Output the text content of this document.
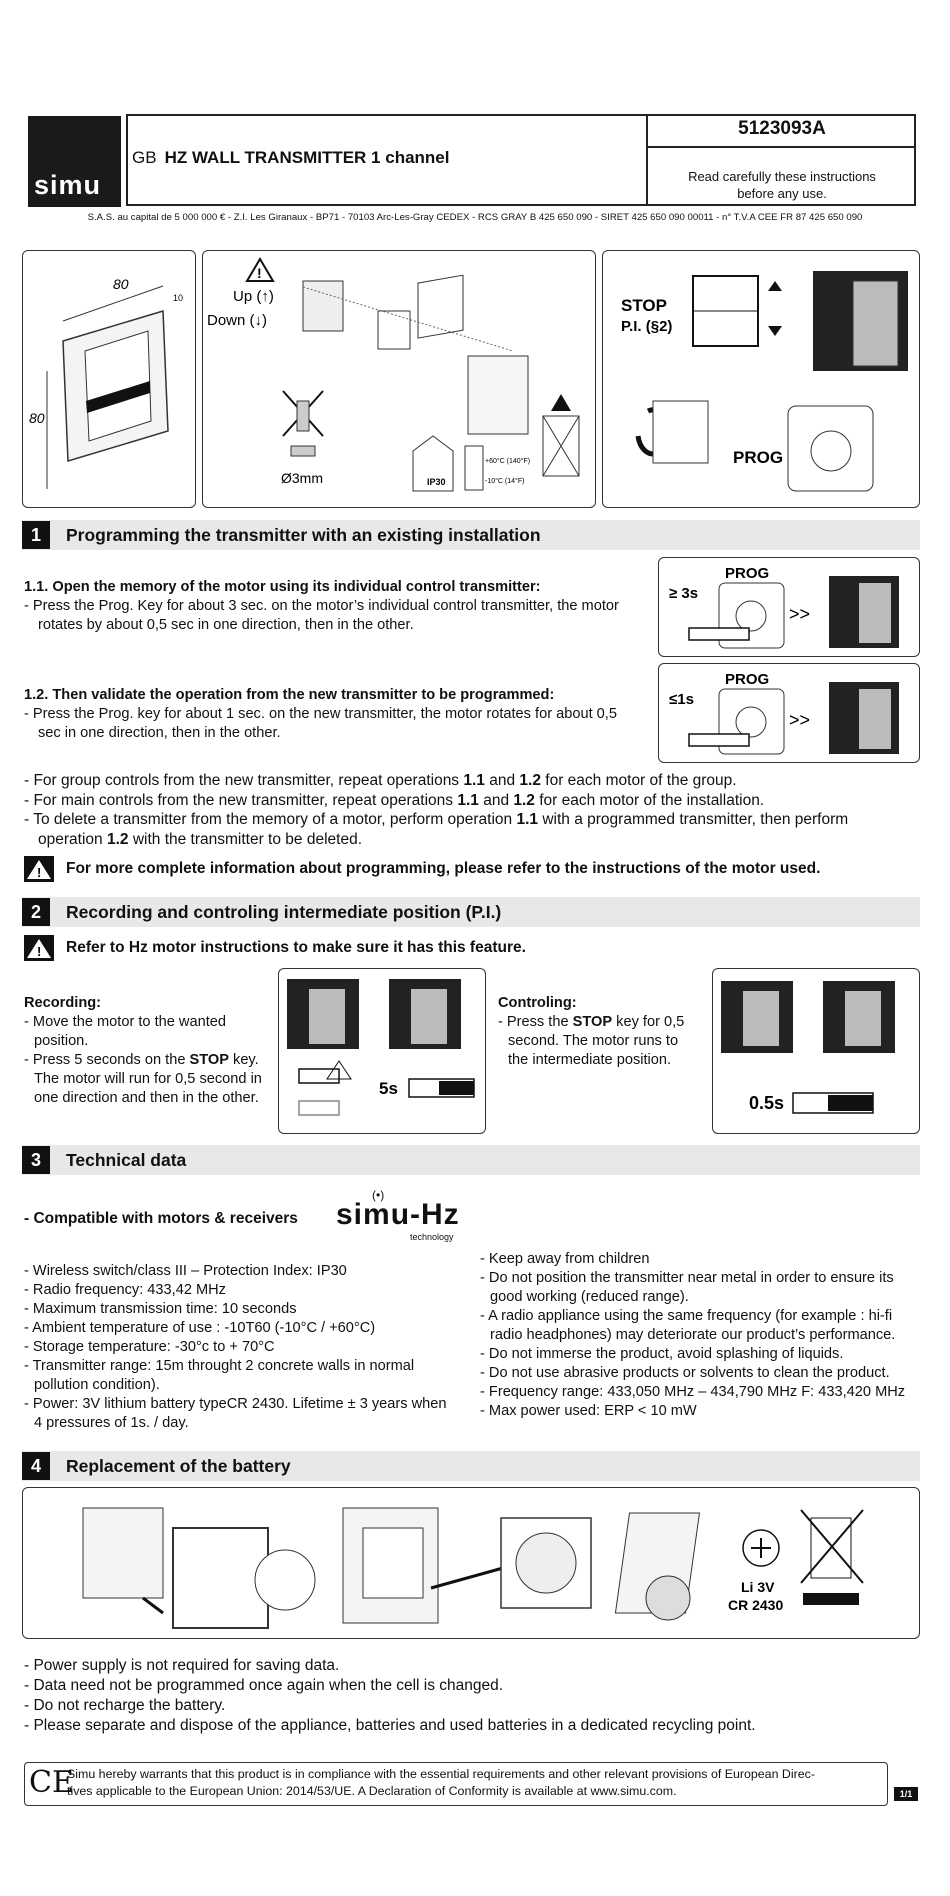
simu
GB HZ WALL TRANSMITTER 1 channel
5123093A
Read carefully these instructions
before any use.
S.A.S. au capital de 5 000 000 € - Z.I. Les Giranaux - BP71 - 70103 Arc-Les-Gray CEDEX - RCS GRAY B 425 650 090 - SIRET 425 650 090 00011 - n° T.V.A CEE FR 87 425 650 090
80
10
80
!
Up (↑)
Down (↓)
Ø3mm	IP30
+60°C (140°F)
-10°C (14°F)
STOP
P.I. (§2)
PROG
1	Programming the transmitter with an existing installation
1.1. Open the memory of the motor using its individual control transmitter:
- Press the Prog. Key for about 3 sec. on the motor’s individual control transmitter, the motor
rotates by about 0,5 sec in one direction, then in the other.
PROG
≥ 3s
>>
1.2. Then validate the operation from the new transmitter to be programmed:
- Press the Prog. key for about 1 sec. on the new transmitter, the motor rotates for about 0,5
sec in one direction, then in the other.
PROG
≤1s
>>
- For group controls from the new transmitter, repeat operations 1.1 and 1.2 for each motor of the group.
- For main controls from the new transmitter, repeat operations 1.1 and 1.2 for each motor of the installation.
- To delete a transmitter from the memory of a motor, perform operation 1.1 with a programmed transmitter, then perform
operation 1.2 with the transmitter to be deleted.
! For more complete information about programming, please refer to the instructions of the motor used.
2	Recording and controling intermediate position (P.I.)
! Refer to Hz motor instructions to make sure it has this feature.
Recording:
- Move the motor to the wanted
position.
- Press 5 seconds on the STOP key.
The motor will run for 0,5 second in
one direction and then in the other.	5s
Controling:
- Press the STOP key for 0,5
second. The motor runs to
the intermediate position.
0.5s
3	Technical data
- Compatible with motors & receivers
(•)
simu-Hz
technology
- Wireless switch/class III – Protection Index: IP30
- Radio frequency: 433,42 MHz
- Maximum transmission time: 10 seconds
- Ambient temperature of use : -10T60 (-10°C / +60°C)
- Storage temperature: -30°c to + 70°C
- Transmitter range: 15m throught 2 concrete walls in normal
pollution condition).
- Power: 3V lithium battery typeCR 2430. Lifetime ± 3 years when
4 pressures of 1s. / day.
- Keep away from children
- Do not position the transmitter near metal in order to ensure its
good working (reduced range).
- A radio appliance using the same frequency (for example : hi-fi
radio headphones) may deteriorate our product’s performance.
- Do not immerse the product, avoid splashing of liquids.
- Do not use abrasive products or solvents to clean the product.
- Frequency range: 433,050 MHz – 434,790 MHz F: 433,420 MHz
- Max power used: ERP < 10 mW
4	Replacement of the battery
Li 3V
CR 2430
- Power supply is not required for saving data.
- Data need not be programmed once again when the cell is changed.
- Do not recharge the battery.
- Please separate and dispose of the appliance, batteries and used batteries in a dedicated recycling point.
CE
Simu hereby warrants that this product is in compliance with the essential requirements and other relevant provisions of European Direc-
tives applicable to the European Union: 2014/53/UE. A Declaration of Conformity is available at www.simu.com.	1/1
